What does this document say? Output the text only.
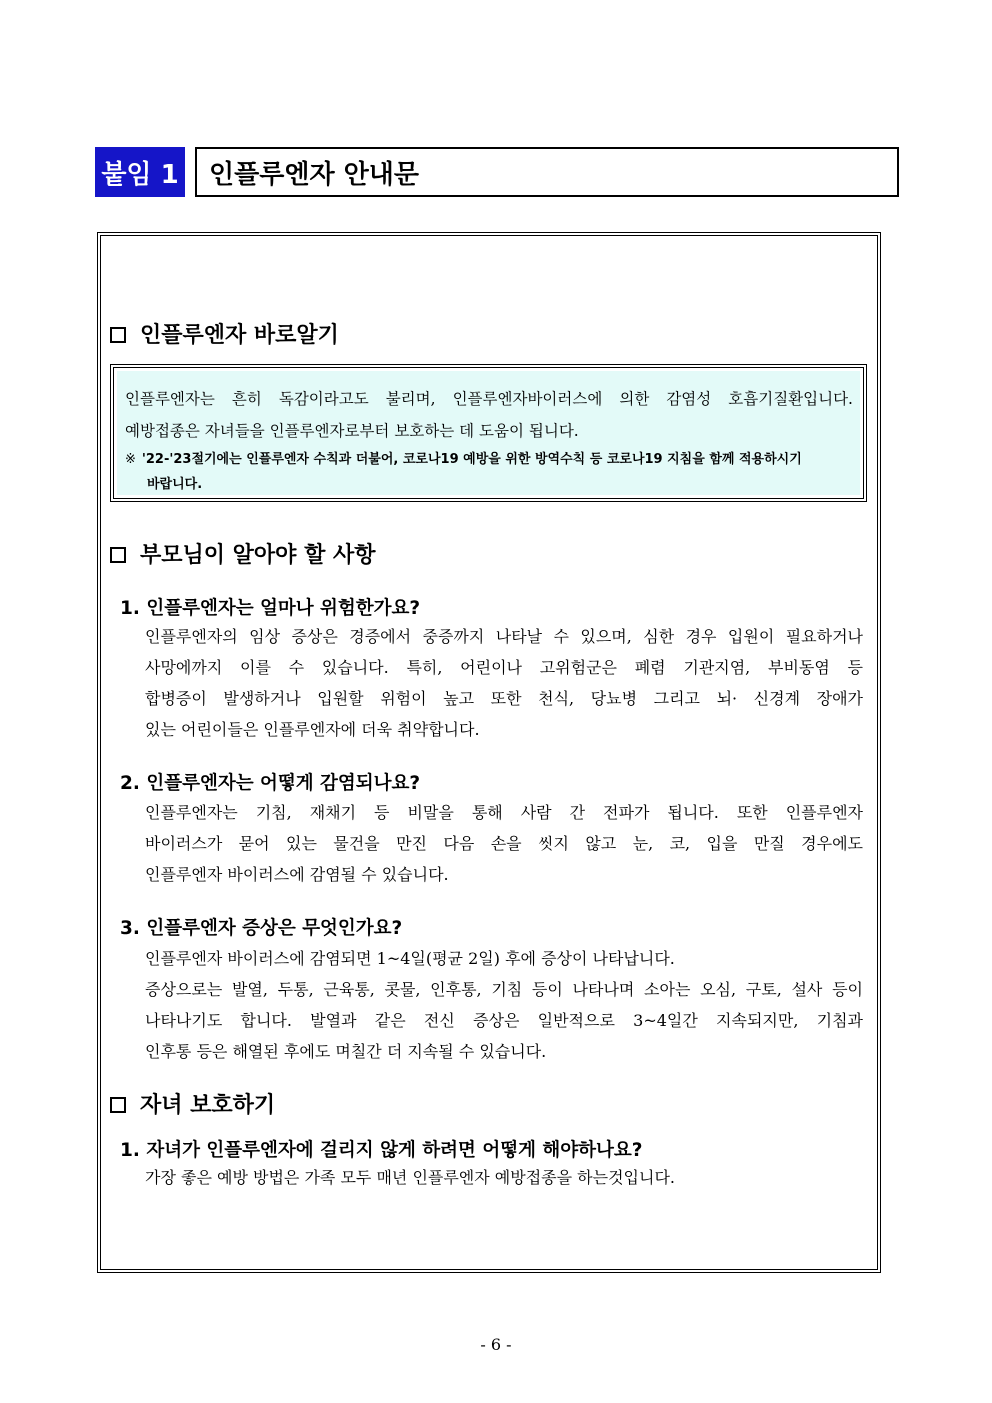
붙임 1 인플루엔자 안내문
인플루엔자 바로알기
인플루엔자는 흔히 독감이라고도 불리며, 인플루엔자바이러스에 의한 감염성 호흡기질환입니다.
예방접종은 자녀들을 인플루엔자로부터 보호하는 데 도움이 됩니다.
※ '22-'23절기에는 인플루엔자 수칙과 더불어, 코로나19 예방을 위한 방역수칙 등 코로나19 지침을 함께 적용하시기
바랍니다.
부모님이 알아야 할 사항
1. 인플루엔자는 얼마나 위험한가요?
인플루엔자의 임상 증상은 경증에서 중증까지 나타날 수 있으며, 심한 경우 입원이 필요하거나
사망에까지 이를 수 있습니다. 특히, 어린이나 고위험군은 폐렴 기관지염, 부비동염 등
합병증이 발생하거나 입원할 위험이 높고 또한 천식, 당뇨병 그리고 뇌· 신경계 장애가
있는 어린이들은 인플루엔자에 더욱 취약합니다.
2. 인플루엔자는 어떻게 감염되나요?
인플루엔자는 기침, 재채기 등 비말을 통해 사람 간 전파가 됩니다. 또한 인플루엔자
바이러스가 묻어 있는 물건을 만진 다음 손을 씻지 않고 눈, 코, 입을 만질 경우에도
인플루엔자 바이러스에 감염될 수 있습니다.
3. 인플루엔자 증상은 무엇인가요?
인플루엔자 바이러스에 감염되면 1~4일(평균 2일) 후에 증상이 나타납니다.
증상으로는 발열, 두통, 근육통, 콧물, 인후통, 기침 등이 나타나며 소아는 오심, 구토, 설사 등이
나타나기도 합니다. 발열과 같은 전신 증상은 일반적으로 3~4일간 지속되지만, 기침과
인후통 등은 해열된 후에도 며칠간 더 지속될 수 있습니다.
자녀 보호하기
1. 자녀가 인플루엔자에 걸리지 않게 하려면 어떻게 해야하나요?
가장 좋은 예방 방법은 가족 모두 매년 인플루엔자 예방접종을 하는것입니다.
- 6 -
